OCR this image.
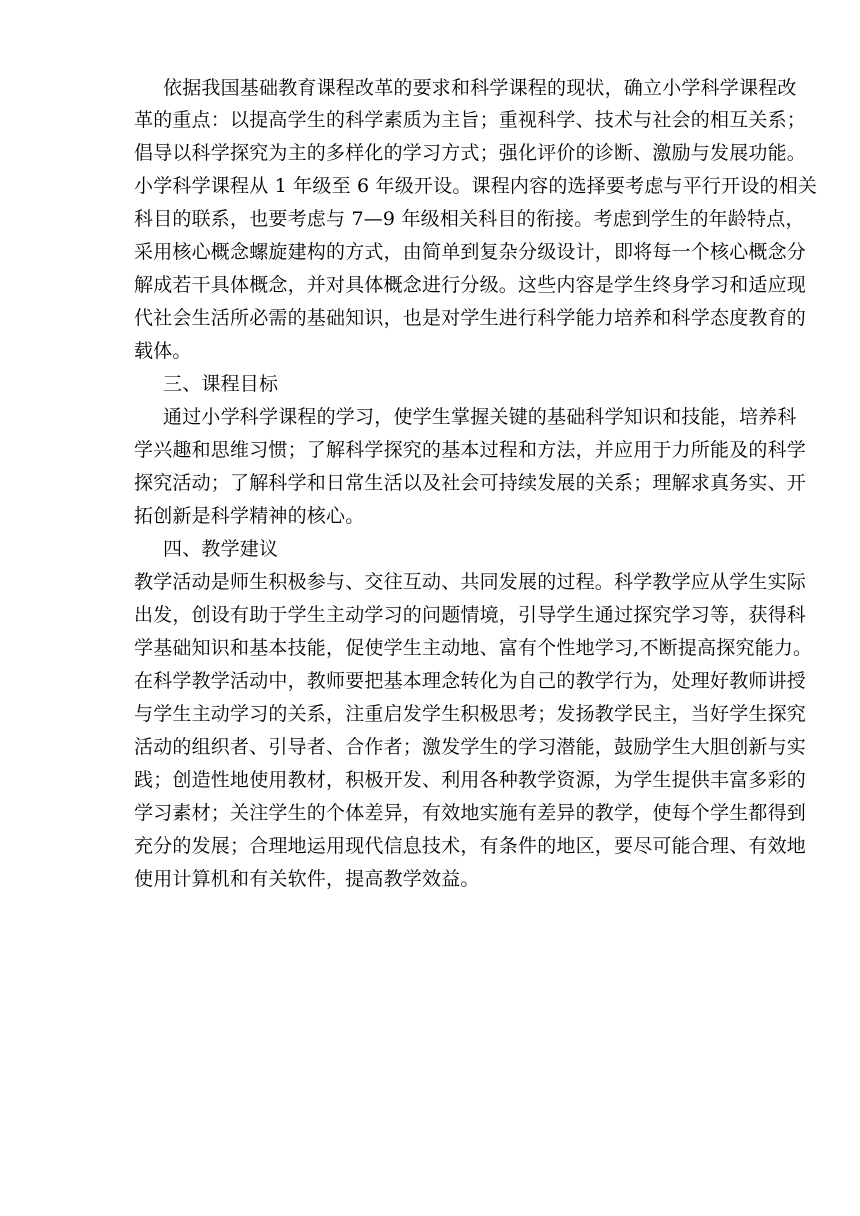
依据我国基础教育课程改革的要求和科学课程的现状，确立小学科学课程改
革的重点：以提高学生的科学素质为主旨；重视科学、技术与社会的相互关系；
倡导以科学探究为主的多样化的学习方式；强化评价的诊断、激励与发展功能。
小学科学课程从 1 年级至 6 年级开设。课程内容的选择要考虑与平行开设的相关
科目的联系，也要考虑与 7—9 年级相关科目的衔接。考虑到学生的年龄特点，
采用核心概念螺旋建构的方式，由简单到复杂分级设计，即将每一个核心概念分
解成若干具体概念，并对具体概念进行分级。这些内容是学生终身学习和适应现
代社会生活所必需的基础知识，也是对学生进行科学能力培养和科学态度教育的
载体。
三、课程目标
通过小学科学课程的学习，使学生掌握关键的基础科学知识和技能，培养科
学兴趣和思维习惯；了解科学探究的基本过程和方法，并应用于力所能及的科学
探究活动；了解科学和日常生活以及社会可持续发展的关系；理解求真务实、开
拓创新是科学精神的核心。
四、教学建议
教学活动是师生积极参与、交往互动、共同发展的过程。科学教学应从学生实际
出发，创设有助于学生主动学习的问题情境，引导学生通过探究学习等，获得科
学基础知识和基本技能，促使学生主动地、富有个性地学习,不断提高探究能力。
在科学教学活动中，教师要把基本理念转化为自己的教学行为，处理好教师讲授
与学生主动学习的关系，注重启发学生积极思考；发扬教学民主，当好学生探究
活动的组织者、引导者、合作者；激发学生的学习潜能，鼓励学生大胆创新与实
践；创造性地使用教材，积极开发、利用各种教学资源，为学生提供丰富多彩的
学习素材；关注学生的个体差异，有效地实施有差异的教学，使每个学生都得到
充分的发展；合理地运用现代信息技术，有条件的地区，要尽可能合理、有效地
使用计算机和有关软件，提高教学效益。
